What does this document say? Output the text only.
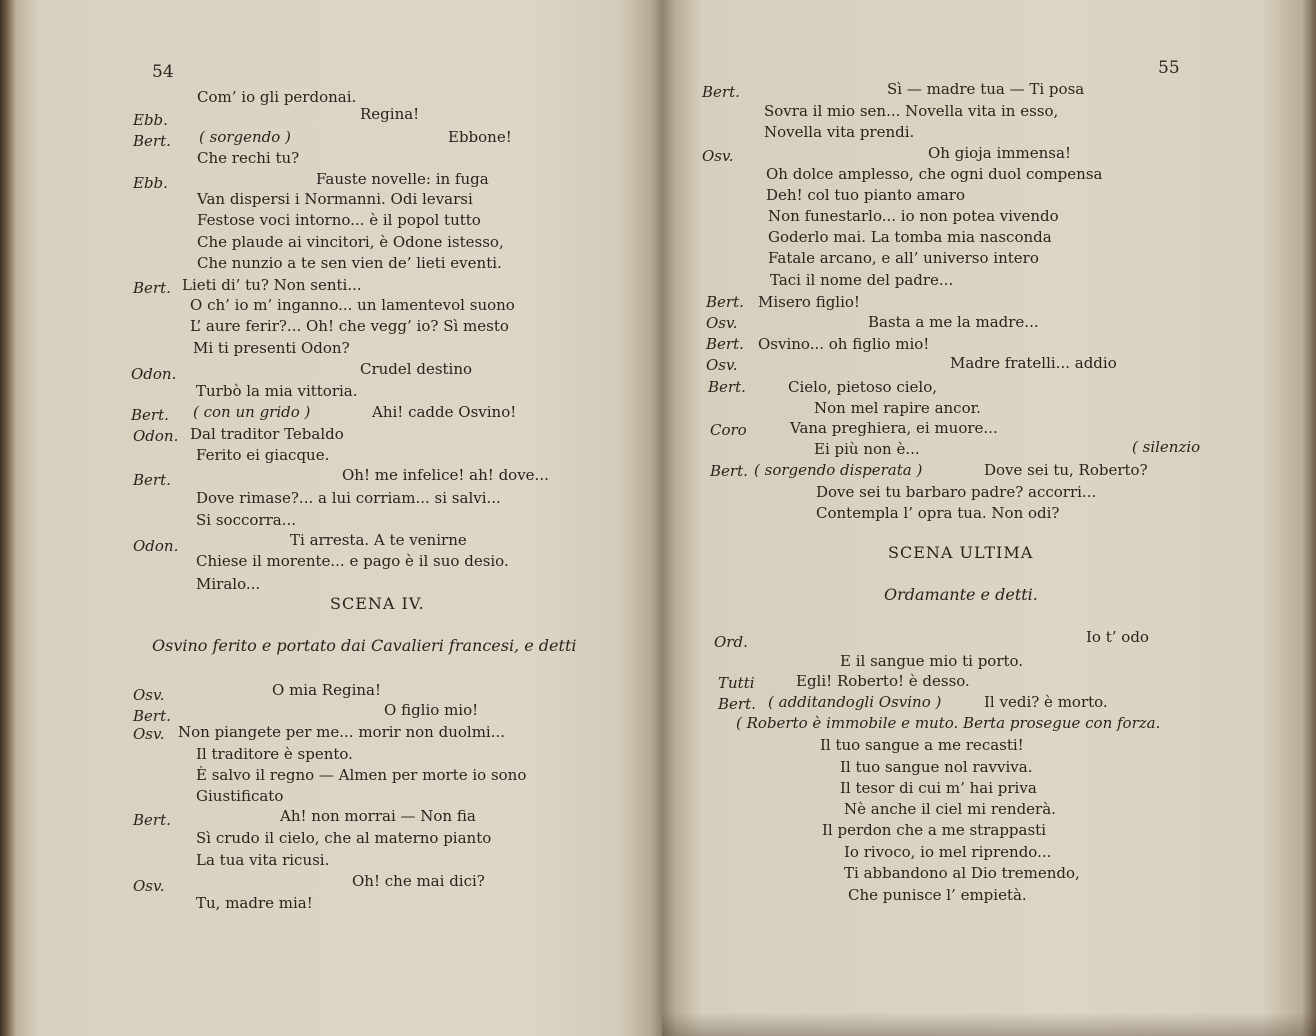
54
Com’ io gli perdonai.
Ebb.	Regina!
Bert. ( sorgendo )	Ebbone!
Che rechi tu?
Ebb.	Fauste novelle: in fuga
Van dispersi i Normanni. Odi levarsi
Festose voci intorno... è il popol tutto
Che plaude ai vincitori, è Odone istesso,
Che nunzio a te sen vien de’ lieti eventi.
Bert. Lieti di’ tu? Non senti...
O ch’ io m’ inganno... un lamentevol suono
L’ aure ferir?... Oh! che vegg’ io? Sì mesto
Mi ti presenti Odon?
Odon.	Crudel destino
Turbò la mia vittoria.
Bert. ( con un grido )	Ahi! cadde Osvino!
Odon. Dal traditor Tebaldo
Ferito ei giacque.
Bert.	Oh! me infelice! ah! dove...
Dove rimase?... a lui corriam... si salvi...
Si soccorra...
Odon.	Ti arresta. A te venirne
Chiese il morente... e pago è il suo desio.
Miralo...
SCENA IV.
Osvino ferito e portato dai Cavalieri francesi, e detti
Osv.	O mia Regina!
Bert.	O figlio mio!
Osv. Non piangete per me... morir non duolmi...
Il traditore è spento.
È salvo il regno — Almen per morte io sono
Giustificato
Bert.	Ah! non morrai — Non fia
Sì crudo il cielo, che al materno pianto
La tua vita ricusi.
Osv.	Oh! che mai dici?
Tu, madre mia!
55
Bert.	Sì — madre tua — Ti posa
Sovra il mio sen... Novella vita in esso,
Novella vita prendi.
Osv.	Oh gioja immensa!
Oh dolce amplesso, che ogni duol compensa
Deh! col tuo pianto amaro
Non funestarlo... io non potea vivendo
Goderlo mai. La tomba mia nasconda
Fatale arcano, e all’ universo intero
Taci il nome del padre...
Bert. Misero figlio!
Osv.	Basta a me la madre...
Bert. Osvino... oh figlio mio!
Osv.	Madre fratelli... addio
Bert.	Cielo, pietoso cielo,
Non mel rapire ancor.
Coro	Vana preghiera, ei muore...
Ei più non è...	( silenzio
Bert. ( sorgendo disperata )	Dove sei tu, Roberto?
Dove sei tu barbaro padre? accorri...
Contempla l’ opra tua. Non odi?
SCENA ULTIMA
Ordamante e detti.
Ord.	Io t’ odo
E il sangue mio ti porto.
Tutti	Egli! Roberto! è desso.
Bert. ( additandogli Osvino )	Il vedi? è morto.
( Roberto è immobile e muto. Berta prosegue con forza.
Il tuo sangue a me recasti!
Il tuo sangue nol ravviva.
Il tesor di cui m’ hai priva
Nè anche il ciel mi renderà.
Il perdon che a me strappasti
Io rivoco, io mel riprendo...
Ti abbandono al Dio tremendo,
Che punisce l’ empietà.
